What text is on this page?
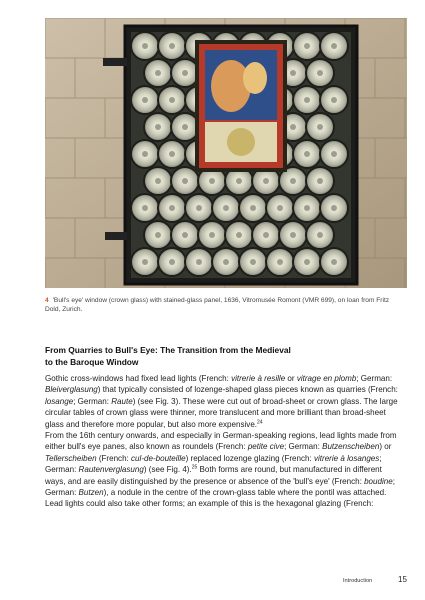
4 'Bull's eye' window (crown glass) with stained-glass panel, 1636, Vitromusée Romont (VMR 699), on loan from Fritz Dold, Zurich.
From Quarries to Bull's Eye: The Transition from the Medieval
to the Baroque Window

Gothic cross-windows had fixed lead lights (French: vitrerie à resille or vitrage en plomb; German: Bleiverglasung) that typically consisted of lozenge-shaped glass pieces known as quarries (French: losange; German: Raute) (see Fig. 3). These were cut out of broad-sheet or crown glass. The large circular tables of crown glass were thinner, more translucent and more brilliant than broad-sheet glass and therefore more popular, but also more expensive.$^{24}$

From the 16th century onwards, and especially in German-speaking regions, lead lights made from either bull's eye panes, also known as roundels (French: petite cive; German: Butzenscheiben) or Tellerscheiben (French: cul-de-bouteille) replaced lozenge glazing (French: vitrerie à losanges; German: Rautenverglasung) (see Fig. 4).$^{25}$ Both forms are round, but manufactured in different ways, and are easily distinguished by the presence or absence of the 'bull's eye' (French: boudine; German: Butzen), a nodule in the centre of the crown-glass table where the pontil was attached. Lead lights could also take other forms; an example of this is the hexagonal glazing (French:

Introduction	15
